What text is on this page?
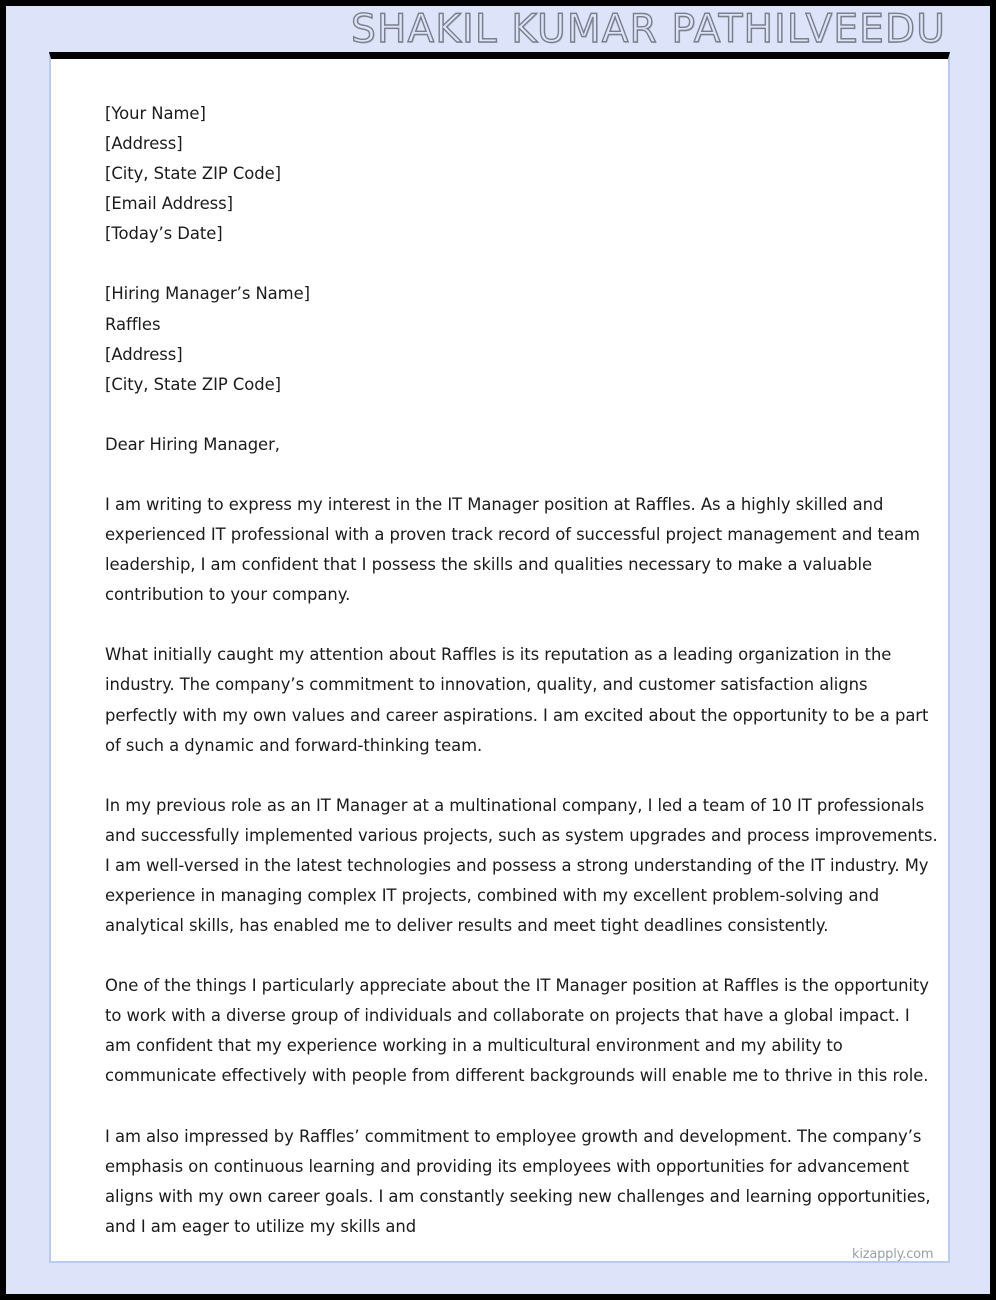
SHAKIL KUMAR PATHILVEEDU
[Your Name]
[Address]
[City, State ZIP Code]
[Email Address]
[Today’s Date]
[Hiring Manager’s Name]
Raffles
[Address]
[City, State ZIP Code]
Dear Hiring Manager,

I am writing to express my interest in the IT Manager position at Raffles. As a highly skilled and experienced IT professional with a proven track record of successful project management and team leadership, I am confident that I possess the skills and qualities necessary to make a valuable contribution to your company.

What initially caught my attention about Raffles is its reputation as a leading organization in the industry. The company’s commitment to innovation, quality, and customer satisfaction aligns perfectly with my own values and career aspirations. I am excited about the opportunity to be a part of such a dynamic and forward-thinking team.

In my previous role as an IT Manager at a multinational company, I led a team of 10 IT professionals and successfully implemented various projects, such as system upgrades and process improvements. I am well-versed in the latest technologies and possess a strong understanding of the IT industry. My experience in managing complex IT projects, combined with my excellent problem-solving and analytical skills, has enabled me to deliver results and meet tight deadlines consistently.

One of the things I particularly appreciate about the IT Manager position at Raffles is the opportunity to work with a diverse group of individuals and collaborate on projects that have a global impact. I am confident that my experience working in a multicultural environment and my ability to communicate effectively with people from different backgrounds will enable me to thrive in this role.

I am also impressed by Raffles’ commitment to employee growth and development. The company’s emphasis on continuous learning and providing its employees with opportunities for advancement aligns with my own career goals. I am constantly seeking new challenges and learning opportunities, and I am eager to utilize my skills and

kizapply.com
